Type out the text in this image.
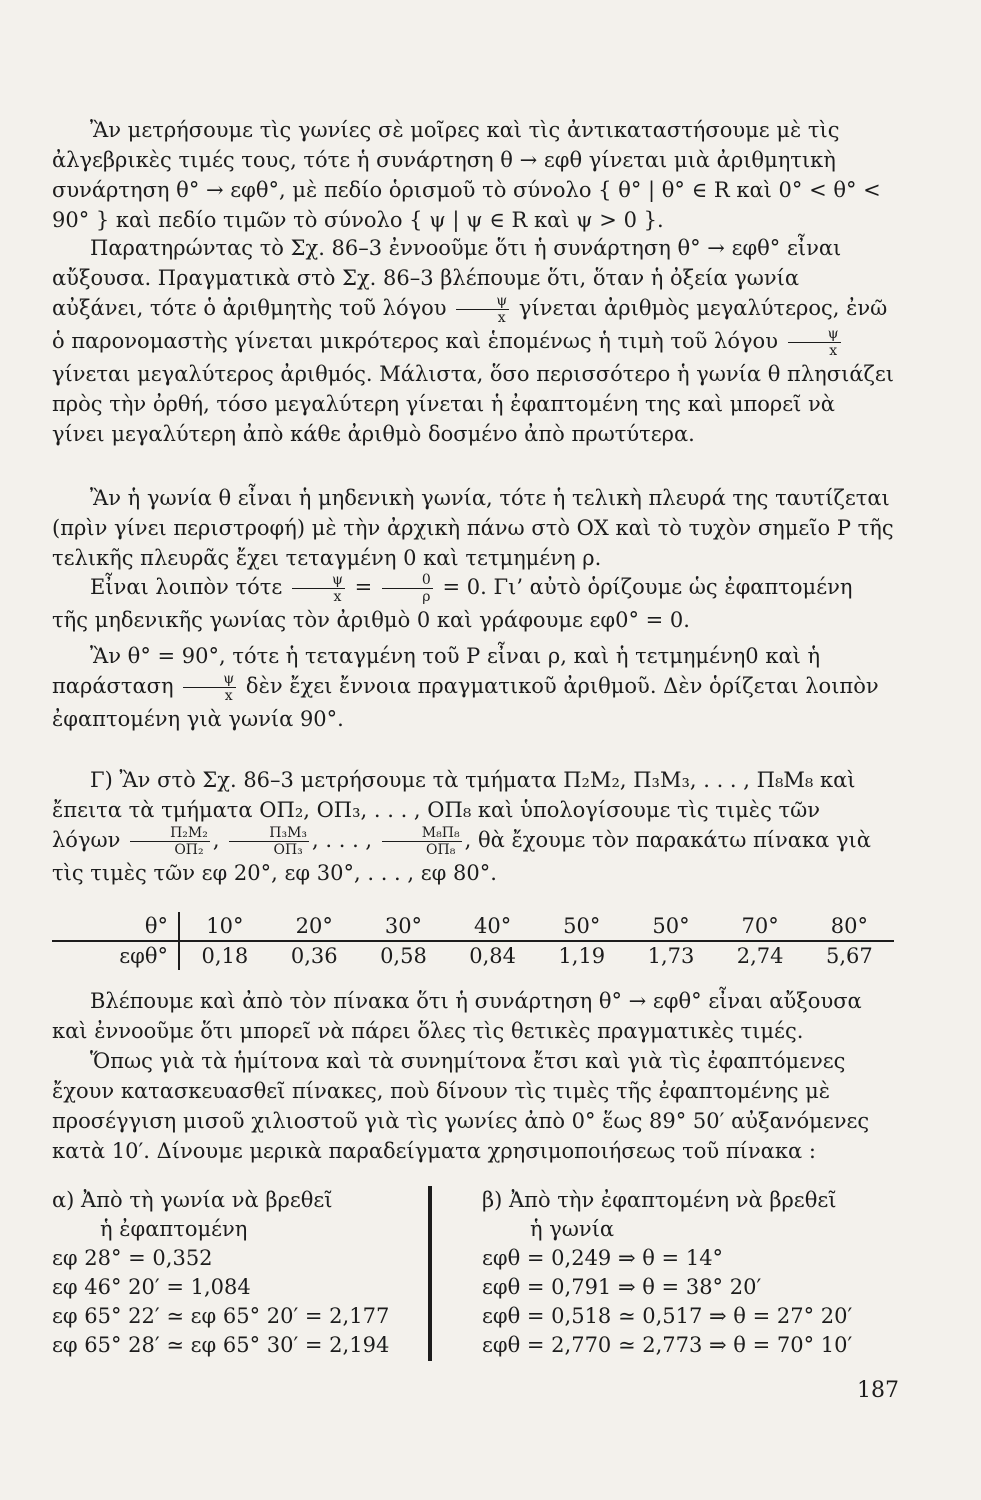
Ἂν μετρήσουμε τὶς γωνίες σὲ μοῖρες καὶ τὶς ἀντικαταστήσουμε μὲ τὶς ἀλγεβρικὲς τιμές τους, τότε ἡ συνάρτηση θ → εφθ γίνεται μιὰ ἀριθμητικὴ συνάρτηση θ° → εφθ°, μὲ πεδίο ὁρισμοῦ τὸ σύνολο { θ° | θ° ∈ R καὶ 0° < θ° < 90° } καὶ πεδίο τιμῶν τὸ σύνολο { ψ | ψ ∈ R καὶ ψ > 0 }.

Παρατηρώντας τὸ Σχ. 86–3 ἐννοοῦμε ὅτι ἡ συνάρτηση θ° → εφθ° εἶναι αὔξουσα. Πραγματικὰ στὸ Σχ. 86–3 βλέπουμε ὅτι, ὅταν ἡ ὀξεία γωνία αὐξάνει, τότε ὁ ἀριθμητὴς τοῦ λόγου $\frac{\psi}{x}$ γίνεται ἀριθμὸς μεγαλύτερος, ἐνῶ ὁ παρονομαστὴς γίνεται μικρότερος καὶ ἑπομένως ἡ τιμὴ τοῦ λόγου $\frac{\psi}{x}$
γίνεται μεγαλύτερος ἀριθμός. Μάλιστα, ὅσο περισσότερο ἡ γωνία θ πλησιάζει πρὸς τὴν ὀρθή, τόσο μεγαλύτερη γίνεται ἡ ἐφαπτομένη της καὶ μπορεῖ νὰ γίνει μεγαλύτερη ἀπὸ κάθε ἀριθμὸ δοσμένο ἀπὸ πρωτύτερα.

Ἂν ἡ γωνία θ εἶναι ἡ μηδενικὴ γωνία, τότε ἡ τελικὴ πλευρά της ταυτίζεται (πρὶν γίνει περιστροφή) μὲ τὴν ἀρχικὴ πάνω στὸ ΟΧ καὶ τὸ τυχὸν σημεῖο Ρ τῆς τελικῆς πλευρᾶς ἔχει τεταγμένη 0 καὶ τετμημένη ρ.

Εἶναι λοιπὸν τότε $\frac{\psi}{x} = \frac{0}{\rho} = 0$. Γι’ αὐτὸ ὁρίζουμε ὡς ἐφαπτομένη τῆς μηδενικῆς γωνίας τὸν ἀριθμὸ 0 καὶ γράφουμε εφ0° = 0.

Ἂν θ° = 90°, τότε ἡ τεταγμένη τοῦ Ρ εἶναι ρ, καὶ ἡ τετμημένη0 καὶ ἡ παράσταση $\frac{\psi}{x}$ δὲν ἔχει ἔννοια πραγματικοῦ ἀριθμοῦ. Δὲν ὁρίζεται λοιπὸν ἐφαπτομένη γιὰ γωνία 90°.

Γ) Ἂν στὸ Σχ. 86–3 μετρήσουμε τὰ τμήματα Π₂Μ₂, Π₃Μ₃, . . . , Π₈Μ₈ καὶ ἔπειτα τὰ τμήματα ΟΠ₂, ΟΠ₃, . . . , ΟΠ₈ καὶ ὑπολογίσουμε τὶς τιμὲς τῶν λόγων $\frac{\text{Π₂Μ₂}}{\text{ΟΠ₂}}$ , $\frac{\text{Π₃Μ₃}}{\text{ΟΠ₃}}$ , . . . , $\frac{\text{Μ₈Π₈}}{\text{ΟΠ₈}}$ , θὰ ἔχουμε τὸν παρακάτω πίνακα γιὰ τὶς τιμὲς τῶν εφ 20°, εφ 30°, . . . , εφ 80°.

θ°	10°	20°	30°	40°	50°	50°	70°	80°
εφθ°	0,18	0,36	0,58	0,84	1,19	1,73	2,74	5,67

Βλέπουμε καὶ ἀπὸ τὸν πίνακα ὅτι ἡ συνάρτηση θ° → εφθ° εἶναι αὔξουσα καὶ ἐννοοῦμε ὅτι μπορεῖ νὰ πάρει ὅλες τὶς θετικὲς πραγματικὲς τιμές.

Ὅπως γιὰ τὰ ἡμίτονα καὶ τὰ συνημίτονα ἔτσι καὶ γιὰ τὶς ἐφαπτόμενες ἔχουν κατασκευασθεῖ πίνακες, ποὺ δίνουν τὶς τιμὲς τῆς ἐφαπτομένης μὲ προσέγγιση μισοῦ χιλιοστοῦ γιὰ τὶς γωνίες ἀπὸ 0° ἕως 89° 50′ αὐξανόμενες κατὰ 10′. Δίνουμε μερικὰ παραδείγματα χρησιμοποιήσεως τοῦ πίνακα :

α) Ἀπὸ τὴ γωνία νὰ βρεθεῖ

ἡ ἐφαπτομένη

εφ 28° = 0,352

εφ 46° 20′ = 1,084

εφ 65° 22′ ≃ εφ 65° 20′ = 2,177

εφ 65° 28′ ≃ εφ 65° 30′ = 2,194

β) Ἀπὸ τὴν ἐφαπτομένη νὰ βρεθεῖ

ἡ γωνία

εφθ = 0,249 ⇒ θ = 14°

εφθ = 0,791 ⇒ θ = 38° 20′

εφθ = 0,518 ≃ 0,517 ⇒ θ = 27° 20′

εφθ = 2,770 ≃ 2,773 ⇒ θ = 70° 10′

187
